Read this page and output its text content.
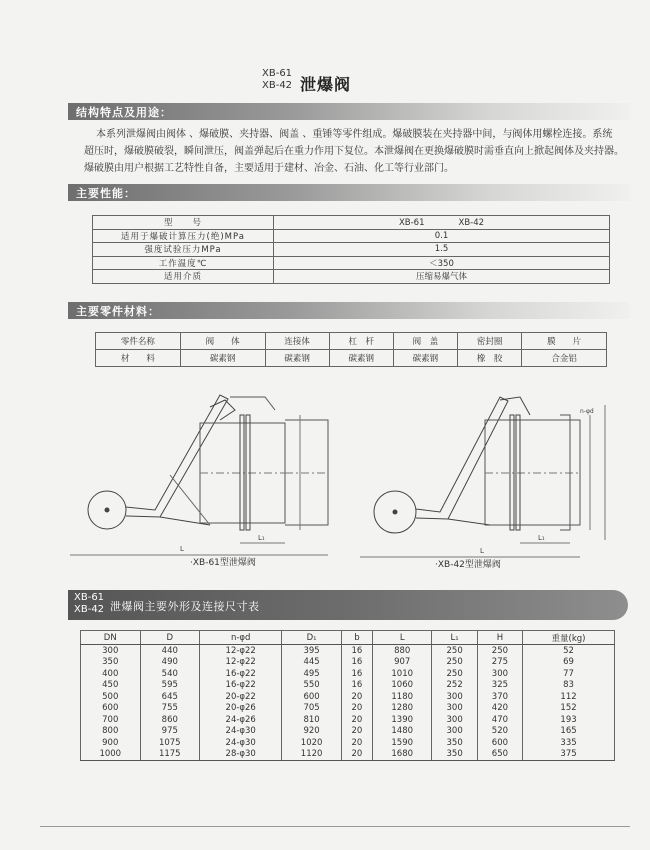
XB-61
XB-42 泄爆阀
结构特点及用途：

本系列泄爆阀由阀体 、爆破膜、夹持器、阀盖 、重锤等零件组成。爆破膜装在夹持器中间，与阀体用螺栓连接。系统

超压时，爆破膜破裂，瞬间泄压，阀盖弹起后在重力作用下复位。本泄爆阀在更换爆破膜时需垂直向上掀起阀体及夹持器。

爆破膜由用户根据工艺特性自备，主要适用于建材、冶金、石油、化工等行业部门。

主要性能：
型　　号	XB-61　　　　XB-42
适用于爆破计算压力(绝)MPa	0.1
强度试验压力MPa	1.5
工作温度℃	＜350
适用介质	压缩易爆气体
主要零件材料：
零件名称	阀　　体	连接体	杠　杆	阀　盖	密封圈	膜　　片
材　　料	碳素钢	碳素钢	碳素钢	碳素钢	橡　胶	合金铝
L
L₁
L
L₁
n-φd
·XB-61型泄爆阀	·XB-42型泄爆阀
XB-61
XB-42 泄爆阀主要外形及连接尺寸表
DN	D	n-φd	D₁	b	L	L₁	H	重量(kg)
300	440	12-φ22	395	16	880	250	250	52
350	490	12-φ22	445	16	907	250	275	69
400	540	16-φ22	495	16	1010	250	300	77
450	595	16-φ22	550	16	1060	252	325	83
500	645	20-φ22	600	20	1180	300	370	112
600	755	20-φ26	705	20	1280	300	420	152
700	860	24-φ26	810	20	1390	300	470	193
800	975	24-φ30	920	20	1480	300	520	165
900	1075	24-φ30	1020	20	1590	350	600	335
1000	1175	28-φ30	1120	20	1680	350	650	375
